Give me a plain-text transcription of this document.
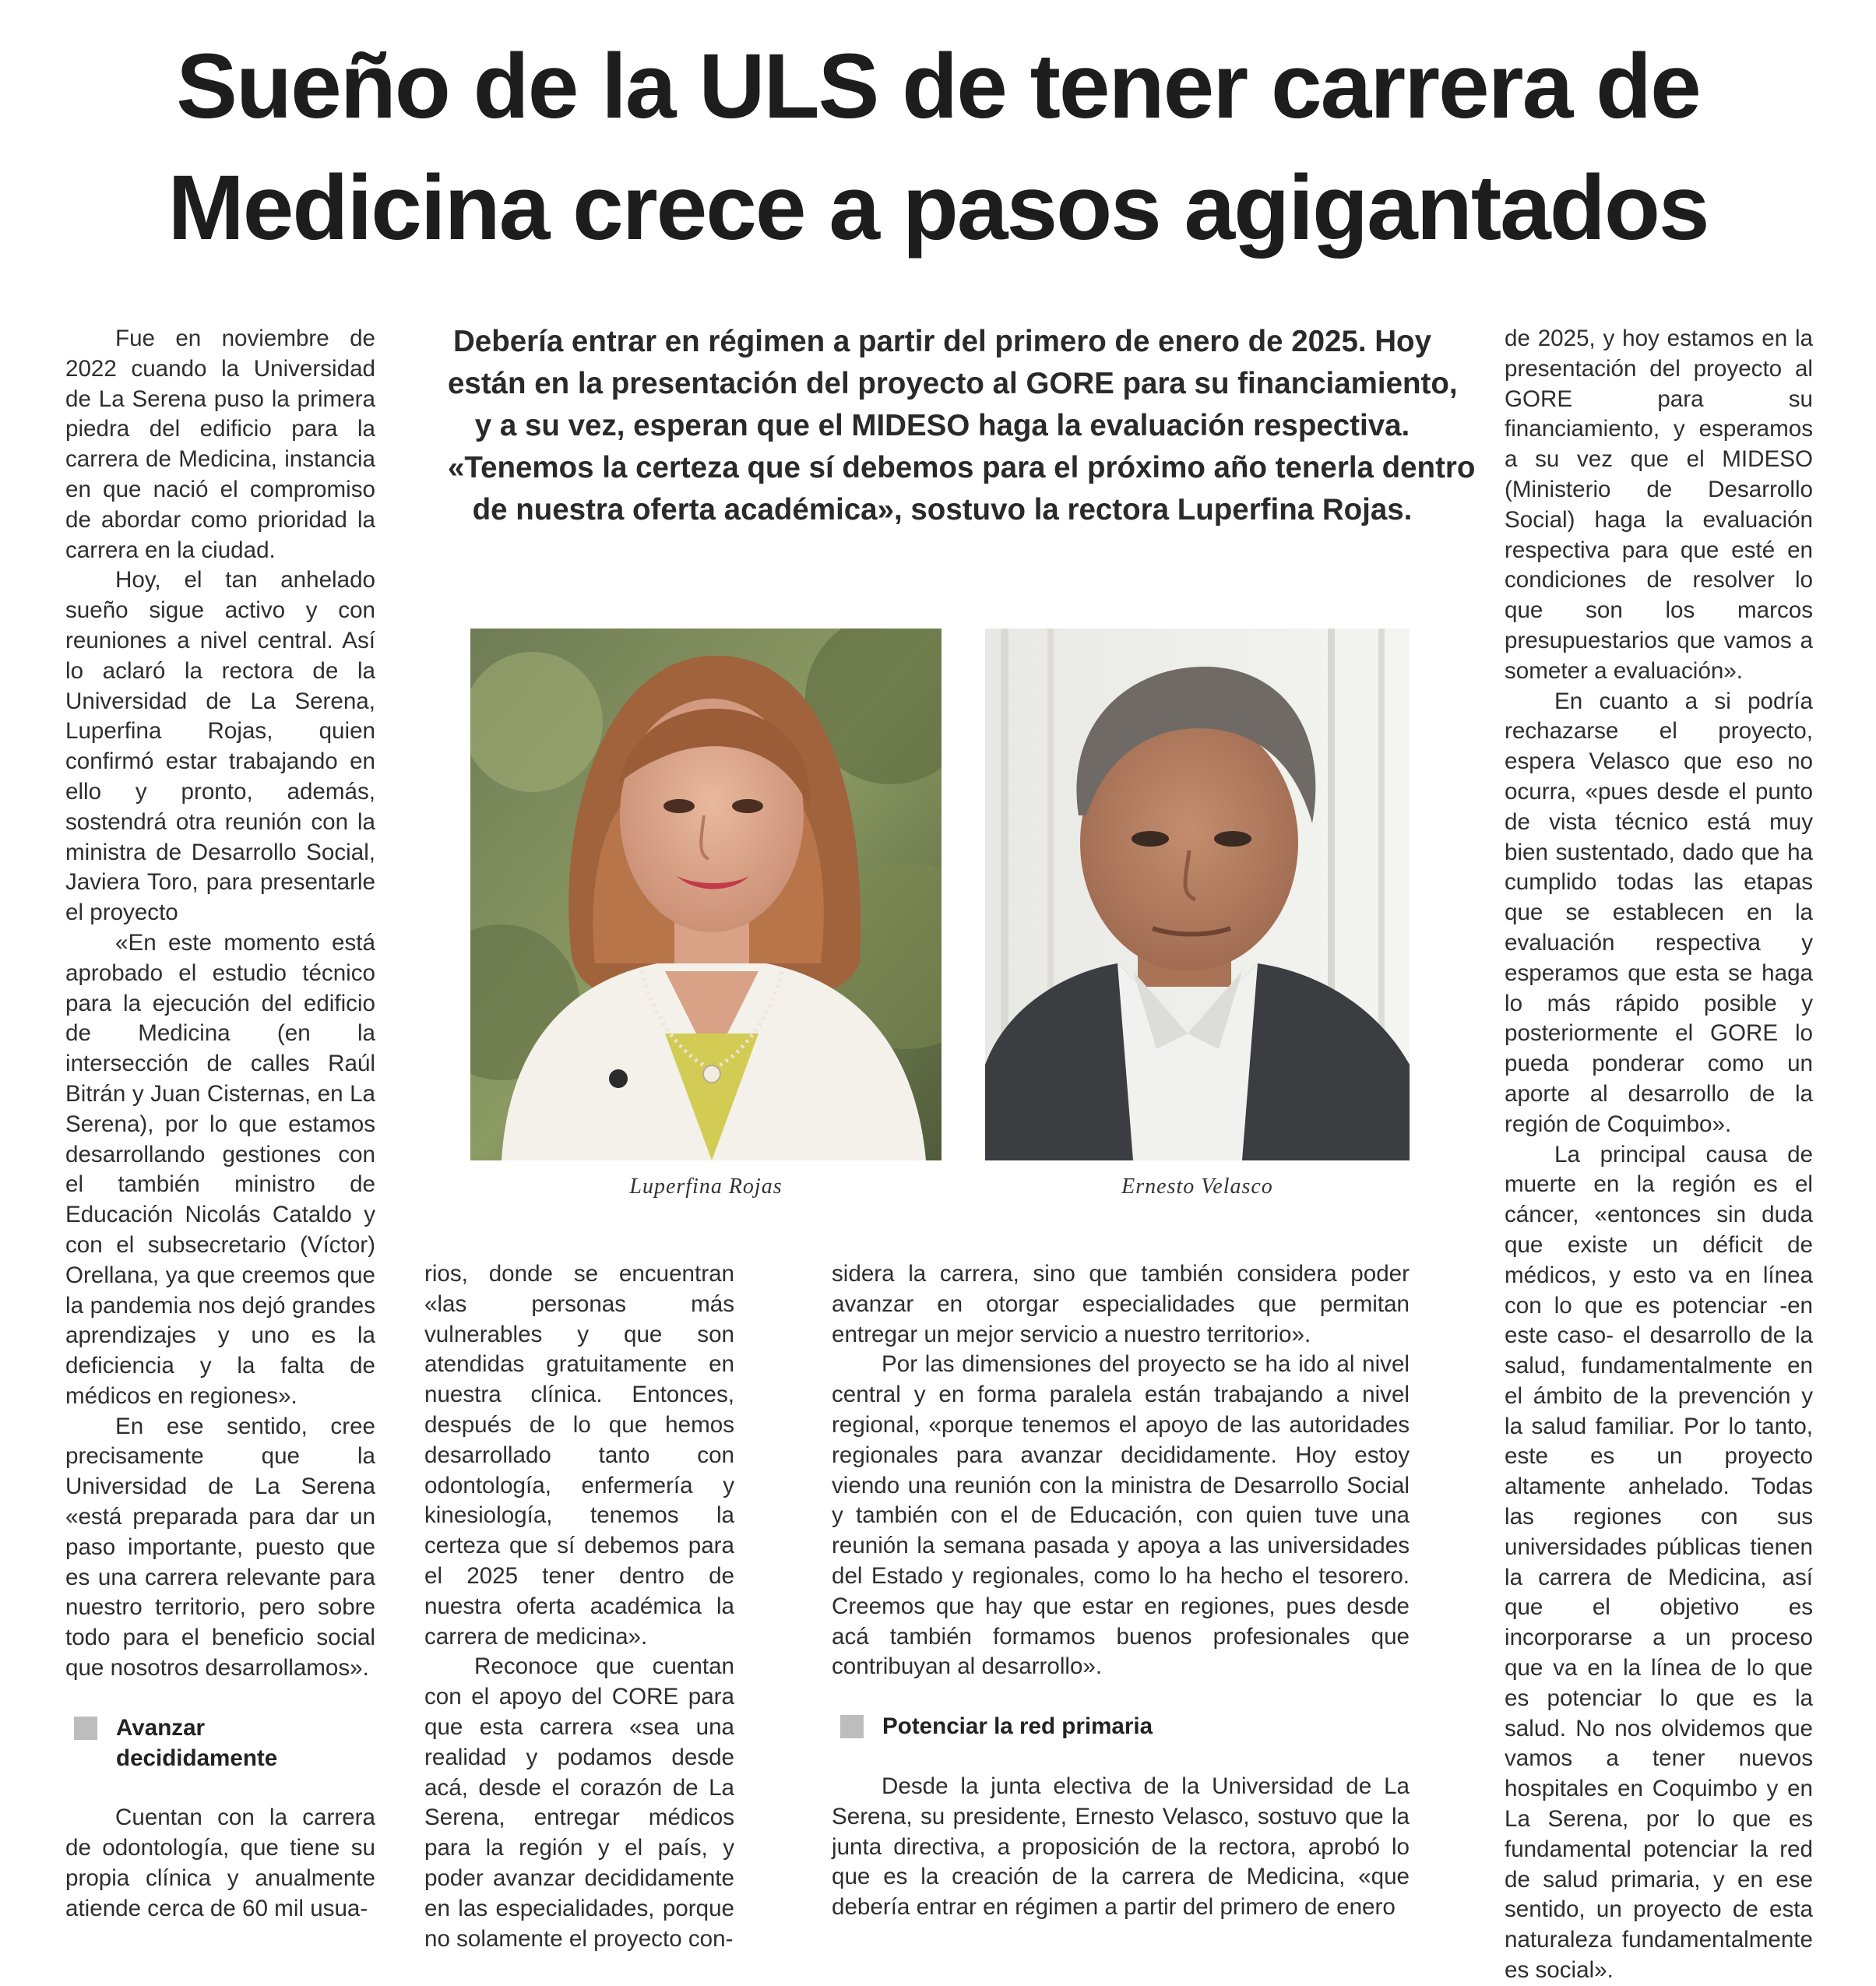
Sueño de la ULS de tener carrera de
Medicina crece a pasos agigantados

Fue en noviembre de 2022 cuando la Universidad de La Serena puso la primera piedra del edificio para la carrera de Medicina, instancia en que nació el compromiso de abordar como prioridad la carrera en la ciudad.

Hoy, el tan anhelado sueño sigue activo y con reuniones a nivel central. Así lo aclaró la rectora de la Universidad de La Serena, Luperfina Rojas, quien confirmó estar trabajando en ello y pronto, además, sostendrá otra reunión con la ministra de Desarrollo Social, Javiera Toro, para presentarle el proyecto

«En este momento está aprobado el estudio técnico para la ejecución del edificio de Medicina (en la intersección de calles Raúl Bitrán y Juan Cisternas, en La Serena), por lo que estamos desarrollando gestiones con el también ministro de Educación Nicolás Cataldo y con el subsecretario (Víctor) Orellana, ya que creemos que la pandemia nos dejó grandes aprendizajes y uno es la deficiencia y la falta de médicos en regiones».

En ese sentido, cree precisamente que la Universidad de La Serena «está preparada para dar un paso importante, puesto que es una carrera relevante para nuestro territorio, pero sobre todo para el beneficio social que nosotros desarrollamos».

Avanzar
decididamente

Cuentan con la carrera de odontología, que tiene su propia clínica y anualmente atiende cerca de 60 mil usua-

Debería entrar en régimen a partir del primero de enero de 2025. Hoy
están en la presentación del proyecto al GORE para su financiamiento,
y a su vez, esperan que el MIDESO haga la evaluación respectiva.
«Tenemos la certeza que sí debemos para el próximo año tenerla dentro
de nuestra oferta académica», sostuvo la rectora Luperfina Rojas.
Luperfina Rojas	Ernesto Velasco

rios, donde se encuentran «las personas más vulnerables y que son atendidas gratuitamente en nuestra clínica. Entonces, después de lo que hemos desarrollado tanto con odontología, enfermería y kinesiología, tenemos la certeza que sí debemos para el 2025 tener dentro de nuestra oferta académica la carrera de medicina».

Reconoce que cuentan con el apoyo del CORE para que esta carrera «sea una realidad y podamos desde acá, desde el corazón de La Serena, entregar médicos para la región y el país, y poder avanzar decididamente en las especialidades, porque no solamente el proyecto con-

sidera la carrera, sino que también considera poder avanzar en otorgar especialidades que permitan entregar un mejor servicio a nuestro territorio».

Por las dimensiones del proyecto se ha ido al nivel central y en forma paralela están trabajando a nivel regional, «porque tenemos el apoyo de las autoridades regionales para avanzar decididamente. Hoy estoy viendo una reunión con la ministra de Desarrollo Social y también con el de Educación, con quien tuve una reunión la semana pasada y apoya a las universidades del Estado y regionales, como lo ha hecho el tesorero. Creemos que hay que estar en regiones, pues desde acá también formamos buenos profesionales que contribuyan al desarrollo».

Potenciar la red primaria

Desde la junta electiva de la Universidad de La Serena, su presidente, Ernesto Velasco, sostuvo que la junta directiva, a proposición de la rectora, aprobó lo que es la creación de la carrera de Medicina, «que debería entrar en régimen a partir del primero de enero

de 2025, y hoy estamos en la presentación del proyecto al GORE para su financiamiento, y esperamos a su vez que el MIDESO (Ministerio de Desarrollo Social) haga la evaluación respectiva para que esté en condiciones de resolver lo que son los marcos presupuestarios que vamos a someter a evaluación».

En cuanto a si podría rechazarse el proyecto, espera Velasco que eso no ocurra, «pues desde el punto de vista técnico está muy bien sustentado, dado que ha cumplido todas las etapas que se establecen en la evaluación respectiva y esperamos que esta se haga lo más rápido posible y posteriormente el GORE lo pueda ponderar como un aporte al desarrollo de la región de Coquimbo».

La principal causa de muerte en la región es el cáncer, «entonces sin duda que existe un déficit de médicos, y esto va en línea con lo que es potenciar -en este caso- el desarrollo de la salud, fundamentalmente en el ámbito de la prevención y la salud familiar. Por lo tanto, este es un proyecto altamente anhelado. Todas las regiones con sus universidades públicas tienen la carrera de Medicina, así que el objetivo es incorporarse a un proceso que va en la línea de lo que es potenciar lo que es la salud. No nos olvidemos que vamos a tener nuevos hospitales en Coquimbo y en La Serena, por lo que es fundamental potenciar la red de salud primaria, y en ese sentido, un proyecto de esta naturaleza fundamentalmente es social».
